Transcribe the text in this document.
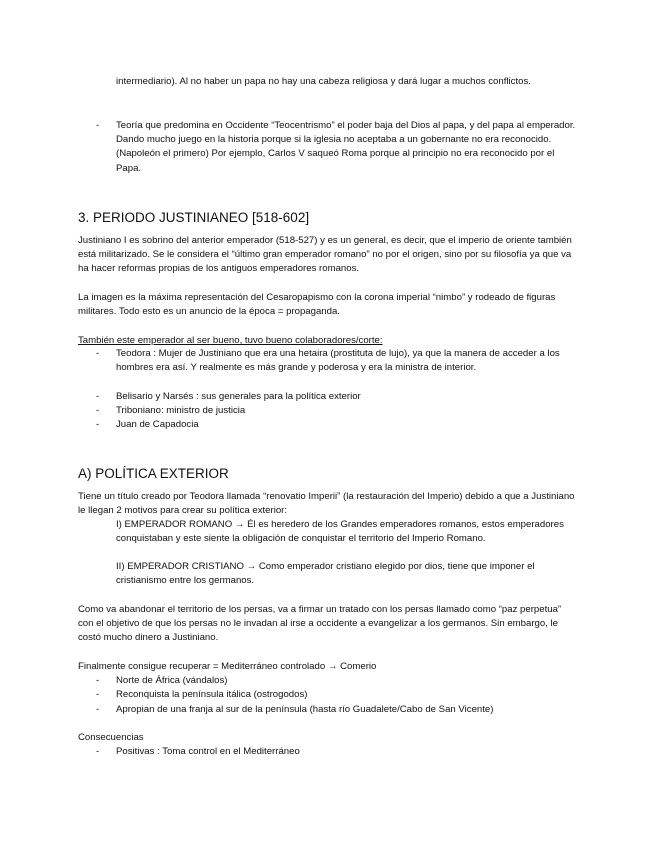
intermediario). Al no haber un papa no hay una cabeza religiosa y dará lugar a muchos conflictos.

- Teoría que predomina en Occidente “Teocentrismo” el poder baja del Dios al papa, y del papa al emperador. Dando mucho juego en la historia porque si la iglesia no aceptaba a un gobernante no era reconocido. (Napoleón el primero) Por ejemplo, Carlos V saqueó Roma porque al principio no era reconocido por el Papa.
3. PERIODO JUSTINIANEO [518-602]

Justiniano I es sobrino del anterior emperador (518-527) y es un general, es decir, que el imperio de oriente también está militarizado. Se le considera el “último gran emperador romano” no por el origen, sino por su filosofía ya que va ha hacer reformas propias de los antiguos emperadores romanos.

La imagen es la máxima representación del Cesaropapismo con la corona imperial “nimbo” y rodeado de figuras militares. Todo esto es un anuncio de la época = propaganda.

También este emperador al ser bueno, tuvo bueno colaboradores/corte:

- Teodora : Mujer de Justiniano que era una hetaira (prostituta de lujo), ya que la manera de acceder a los hombres era así. Y realmente es más grande y poderosa y era la ministra de interior.
- Belisario y Narsés : sus generales para la política exterior
- Triboniano: ministro de justicia
- Juan de Capadocia
A) POLÍTICA EXTERIOR

Tiene un título creado por Teodora llamada “renovatio Imperii” (la restauración del Imperio) debido a que a Justiniano le llegan 2 motivos para crear su política exterior:

I) EMPERADOR ROMANO → Él es heredero de los Grandes emperadores romanos, estos emperadores conquistaban y este siente la obligación de conquistar el territorio del Imperio Romano.

II) EMPERADOR CRISTIANO → Como emperador cristiano elegido por dios, tiene que imponer el cristianismo entre los germanos.

Como va abandonar el territorio de los persas, va a firmar un tratado con los persas llamado como “paz perpetua” con el objetivo de que los persas no le invadan al irse a occidente a evangelizar a los germanos. Sin embargo, le costó mucho dinero a Justiniano.

Finalmente consigue recuperar = Mediterráneo controlado → Comerio

- Norte de África (vándalos)
- Reconquista la península itálica (ostrogodos)
- Apropian de una franja al sur de la península (hasta río Guadalete/Cabo de San Vicente)

Consecuencias

- Positivas : Toma control en el Mediterráneo
